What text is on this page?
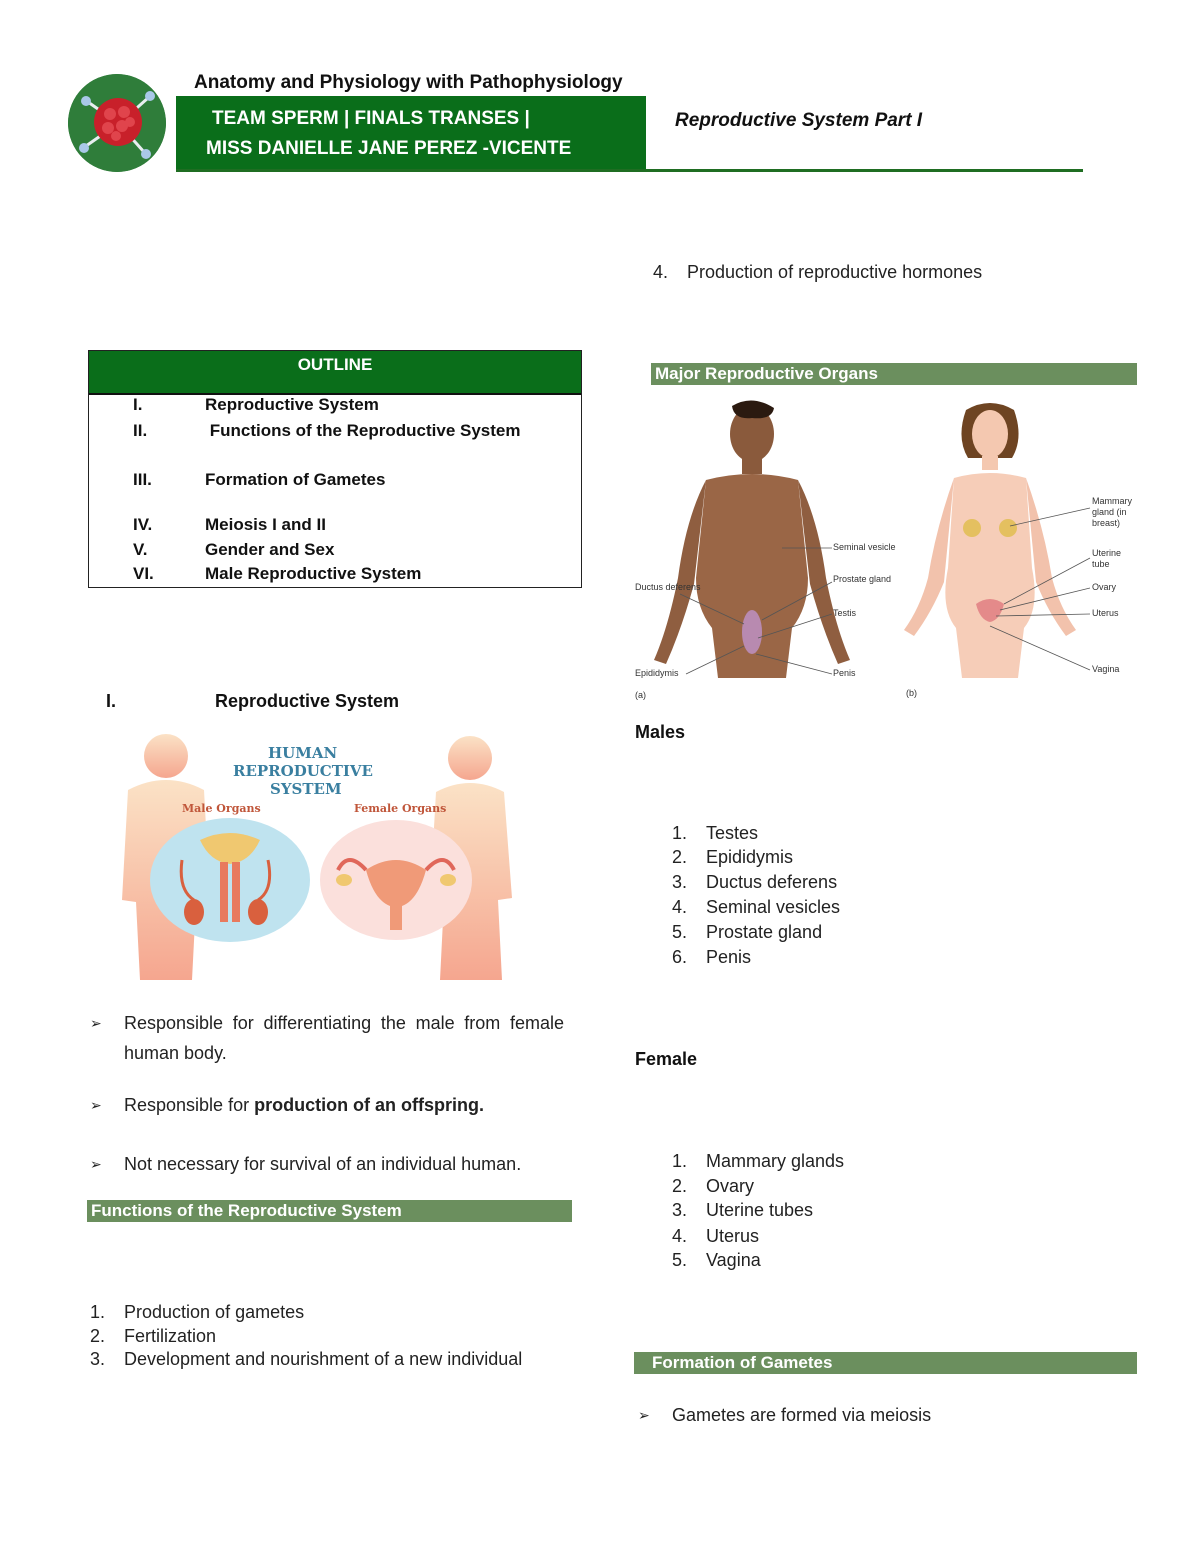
Anatomy and Physiology with Pathophysiology
TEAM SPERM | FINALS TRANSES |
MISS DANIELLE JANE PEREZ -VICENTE
Reproductive System Part I
OUTLINE
I.	Reproductive System
II.	Functions of the Reproductive System
III.	Formation of Gametes
IV.	Meiosis I and II
V.	Gender and Sex
VI.	Male Reproductive System
I.	Reproductive System
HUMAN
REPRODUCTIVE
SYSTEM
Male Organs	Female Organs
➢ Responsible for differentiating the male from female human body.
➢ Responsible for production of an offspring.
➢ Not necessary for survival of an individual human.
Functions of the Reproductive System
1. Production of gametes
2. Fertilization
3. Development and nourishment of a new individual
4. Production of reproductive hormones
Major Reproductive Organs
Seminal vesicle
Prostate gland
Ductus deferens
Testis
Epididymis	Penis
(a)
Mammary gland (in breast)
Uterine tube
Ovary
Uterus
Vagina
(b)
Males
1. Testes
2. Epididymis
3. Ductus deferens
4. Seminal vesicles
5. Prostate gland
6. Penis
Female
1. Mammary glands
2. Ovary
3. Uterine tubes
4. Uterus
5. Vagina
Formation of Gametes
➢ Gametes are formed via meiosis
